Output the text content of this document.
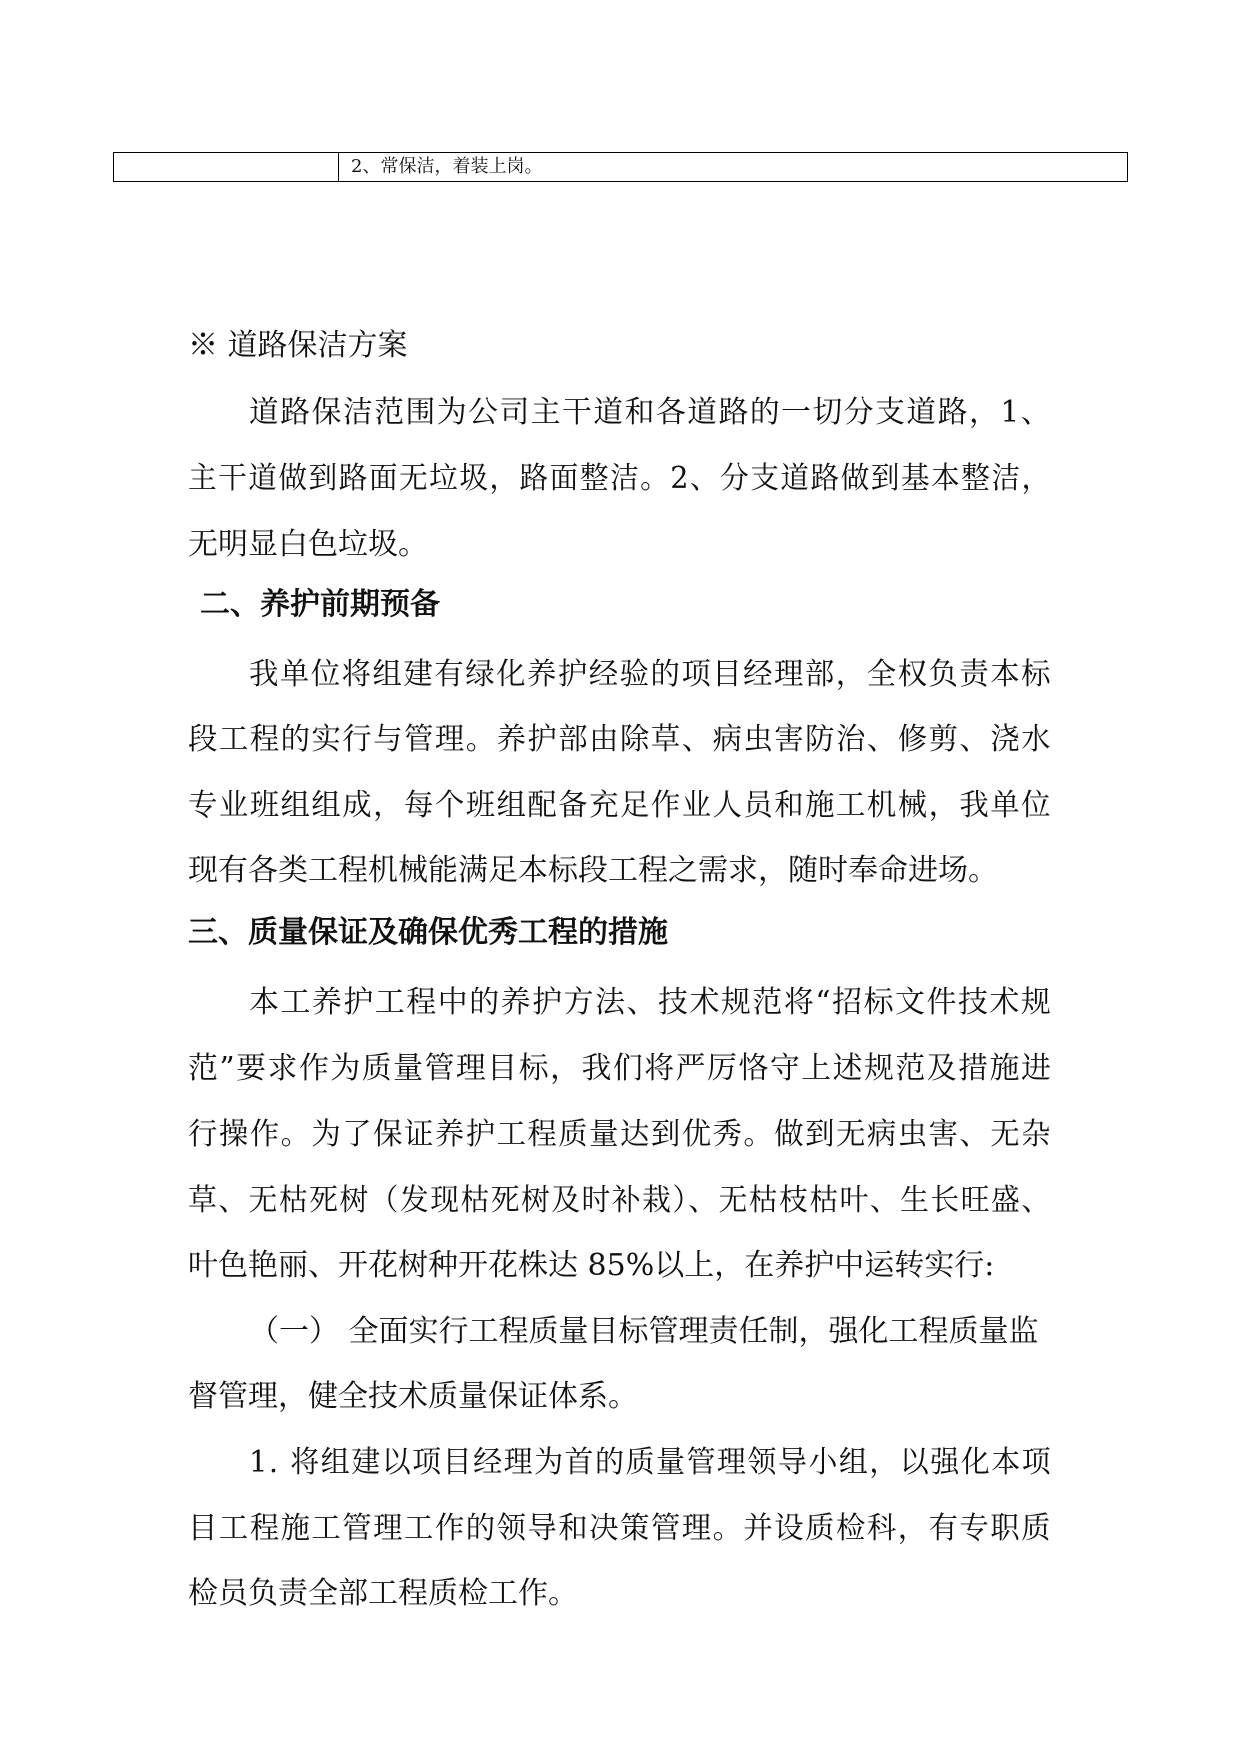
2、常保洁，着装上岗。
※ 道路保洁方案
道路保洁范围为公司主干道和各道路的一切分支道路，1、
主干道做到路面无垃圾，路面整洁。2、分支道路做到基本整洁，
无明显白色垃圾。
二、养护前期预备
我单位将组建有绿化养护经验的项目经理部，全权负责本标
段工程的实行与管理。养护部由除草、病虫害防治、修剪、浇水
专业班组组成，每个班组配备充足作业人员和施工机械，我单位
现有各类工程机械能满足本标段工程之需求，随时奉命进场。
三、质量保证及确保优秀工程的措施
本工养护工程中的养护方法、技术规范将“招标文件技术规
范”要求作为质量管理目标，我们将严厉恪守上述规范及措施进
行操作。为了保证养护工程质量达到优秀。做到无病虫害、无杂
草、无枯死树（发现枯死树及时补栽）、无枯枝枯叶、生长旺盛、
叶色艳丽、开花树种开花株达 85%以上，在养护中运转实行:
（一） 全面实行工程质量目标管理责任制，强化工程质量监
督管理，健全技术质量保证体系。
1. 将组建以项目经理为首的质量管理领导小组，以强化本项
目工程施工管理工作的领导和决策管理。并设质检科，有专职质
检员负责全部工程质检工作。
